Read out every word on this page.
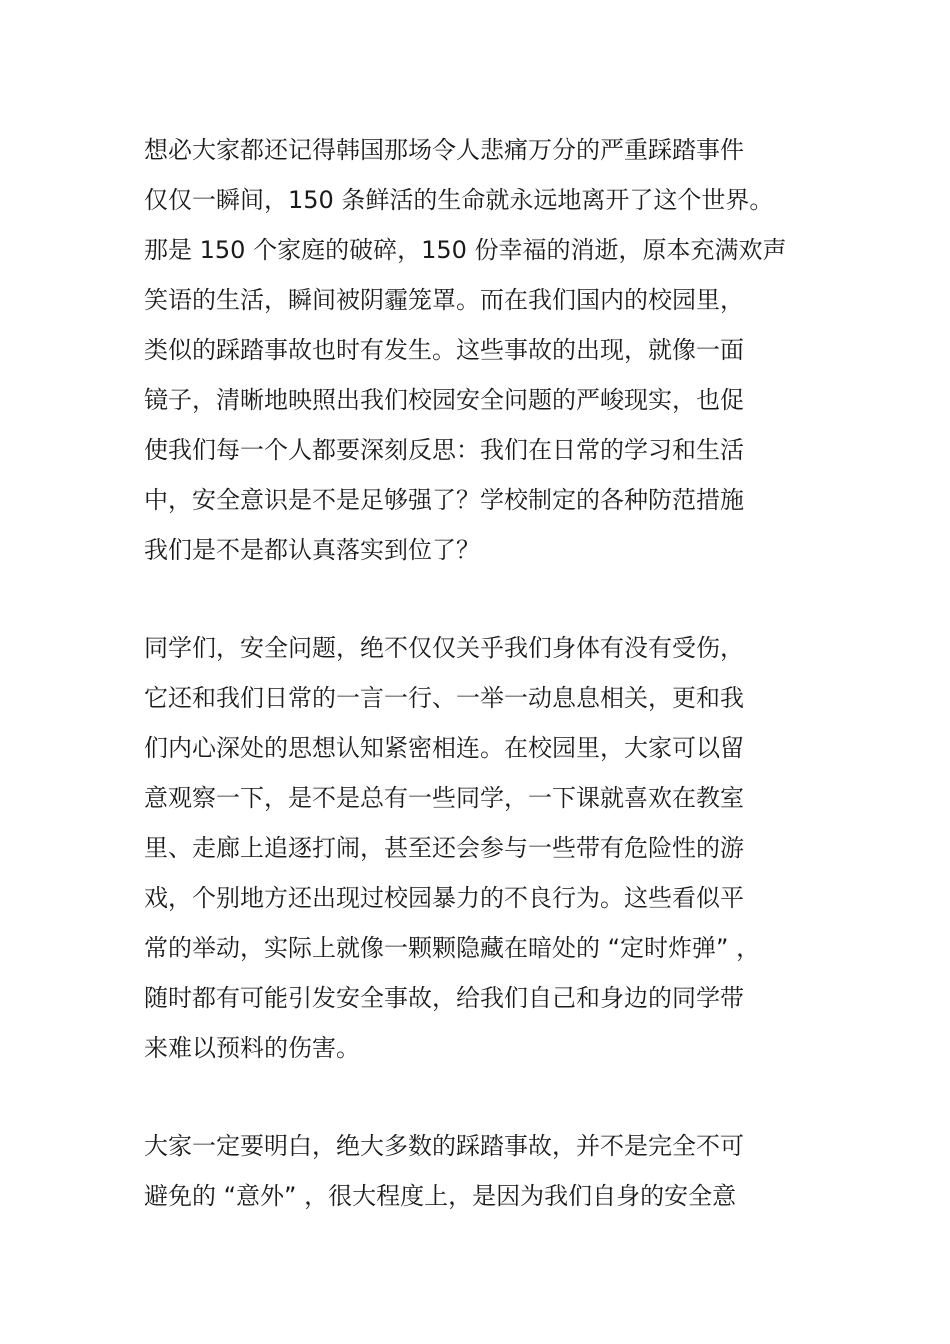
想必大家都还记得韩国那场令人悲痛万分的严重踩踏事件
仅仅一瞬间，150 条鲜活的生命就永远地离开了这个世界。
那是 150 个家庭的破碎，150 份幸福的消逝，原本充满欢声
笑语的生活，瞬间被阴霾笼罩。而在我们国内的校园里，
类似的踩踏事故也时有发生。这些事故的出现，就像一面
镜子，清晰地映照出我们校园安全问题的严峻现实，也促
使我们每一个人都要深刻反思：我们在日常的学习和生活
中，安全意识是不是足够强了？学校制定的各种防范措施
我们是不是都认真落实到位了？
同学们，安全问题，绝不仅仅关乎我们身体有没有受伤，
它还和我们日常的一言一行、一举一动息息相关，更和我
们内心深处的思想认知紧密相连。在校园里，大家可以留
意观察一下，是不是总有一些同学，一下课就喜欢在教室
里、走廊上追逐打闹，甚至还会参与一些带有危险性的游
戏，个别地方还出现过校园暴力的不良行为。这些看似平
常的举动，实际上就像一颗颗隐藏在暗处的 “定时炸弹” ，
随时都有可能引发安全事故，给我们自己和身边的同学带
来难以预料的伤害。
大家一定要明白，绝大多数的踩踏事故，并不是完全不可
避免的 “意外” ，很大程度上，是因为我们自身的安全意
